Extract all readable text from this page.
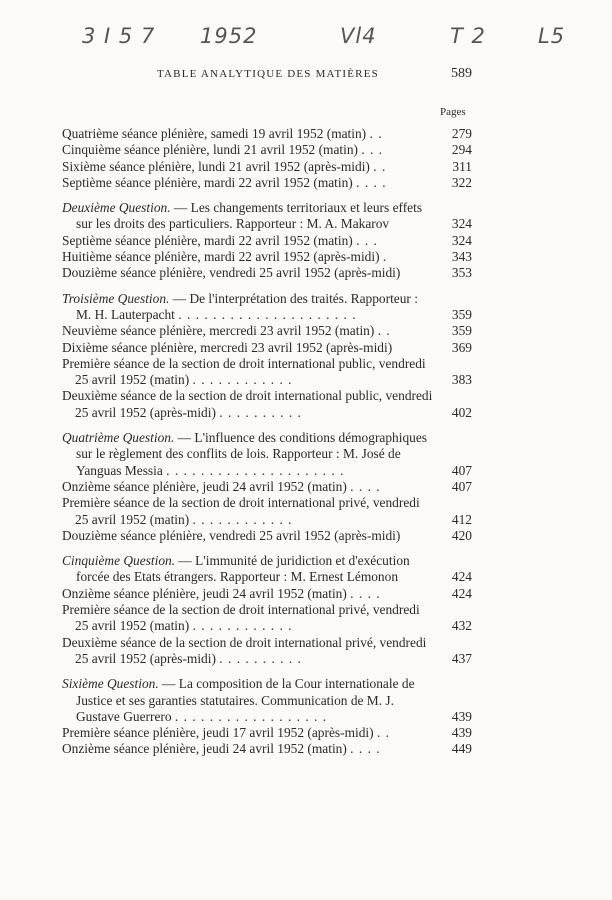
3 I 5 7 1952	Vl4	T 2 L5
TABLE ANALYTIQUE DES MATIÈRES	589
Pages
Quatrième séance plénière, samedi 19 avril 1952 (matin) . .	279
Cinquième séance plénière, lundi 21 avril 1952 (matin) . . .	294
Sixième séance plénière, lundi 21 avril 1952 (après-midi) . .	311
Septième séance plénière, mardi 22 avril 1952 (matin) . . . .	322
Deuxième Question. — Les changements territoriaux et leurs effets sur les droits des particuliers. Rapporteur : M. A. Makarov	324
Septième séance plénière, mardi 22 avril 1952 (matin) . . .	324
Huitième séance plénière, mardi 22 avril 1952 (après-midi) .	343
Douzième séance plénière, vendredi 25 avril 1952 (après-midi)	353
Troisième Question. — De l'interprétation des traités. Rapporteur : M. H. Lauterpacht . . . . . . . . . . . . . . . . . . . . .	359
Neuvième séance plénière, mercredi 23 avril 1952 (matin) . .	359
Dixième séance plénière, mercredi 23 avril 1952 (après-midi)	369
Première séance de la section de droit international public, vendredi 25 avril 1952 (matin) . . . . . . . . . . . .	383
Deuxième séance de la section de droit international public, vendredi 25 avril 1952 (après-midi) . . . . . . . . . .	402
Quatrième Question. — L'influence des conditions démographiques sur le règlement des conflits de lois. Rapporteur : M. José de Yanguas Messia . . . . . . . . . . . . . . . . . . . . .	407
Onzième séance plénière, jeudi 24 avril 1952 (matin) . . . .	407
Première séance de la section de droit international privé, vendredi 25 avril 1952 (matin) . . . . . . . . . . . .	412
Douzième séance plénière, vendredi 25 avril 1952 (après-midi)	420
Cinquième Question. — L'immunité de juridiction et d'exécution forcée des Etats étrangers. Rapporteur : M. Ernest Lémonon	424
Onzième séance plénière, jeudi 24 avril 1952 (matin) . . . .	424
Première séance de la section de droit international privé, vendredi 25 avril 1952 (matin) . . . . . . . . . . . .	432
Deuxième séance de la section de droit international privé, vendredi 25 avril 1952 (après-midi) . . . . . . . . . .	437
Sixième Question. — La composition de la Cour internationale de Justice et ses garanties statutaires. Communication de M. J. Gustave Guerrero . . . . . . . . . . . . . . . . . .	439
Première séance plénière, jeudi 17 avril 1952 (après-midi) . .	439
Onzième séance plénière, jeudi 24 avril 1952 (matin) . . . .	449
